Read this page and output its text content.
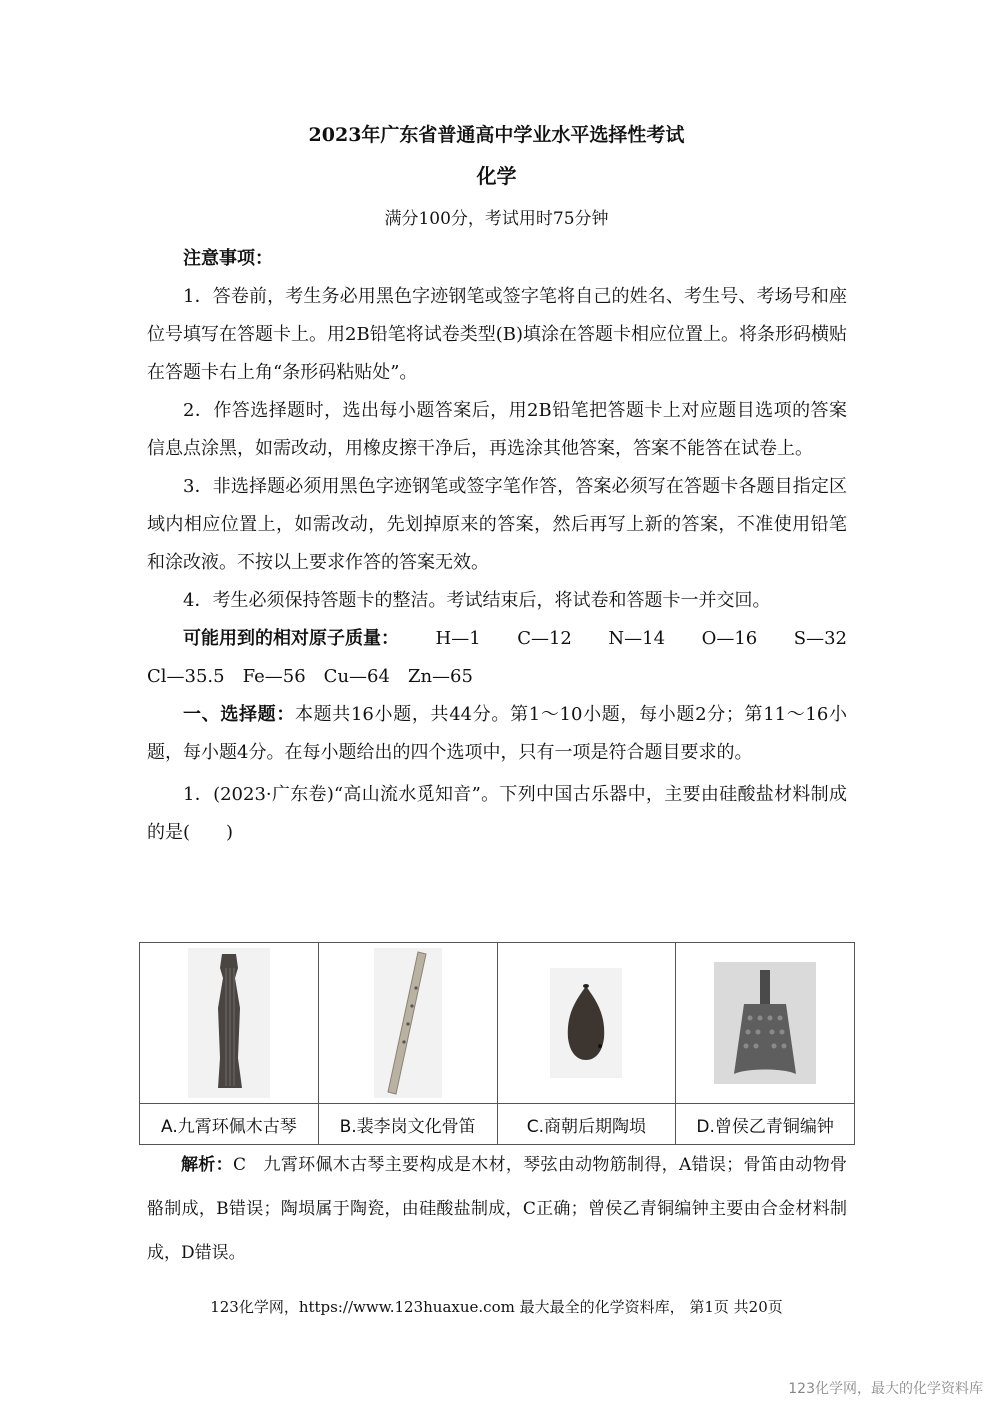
2023年广东省普通高中学业水平选择性考试
化学
满分100分，考试用时75分钟

注意事项：

1．答卷前，考生务必用黑色字迹钢笔或签字笔将自己的姓名、考生号、考场号和座位号填写在答题卡上。用2B铅笔将试卷类型(B)填涂在答题卡相应位置上。将条形码横贴在答题卡右上角“条形码粘贴处”。

2．作答选择题时，选出每小题答案后，用2B铅笔把答题卡上对应题目选项的答案信息点涂黑，如需改动，用橡皮擦干净后，再选涂其他答案，答案不能答在试卷上。

3．非选择题必须用黑色字迹钢笔或签字笔作答，答案必须写在答题卡各题目指定区域内相应位置上，如需改动，先划掉原来的答案，然后再写上新的答案，不准使用铅笔和涂改液。不按以上要求作答的答案无效。

4．考生必须保持答题卡的整洁。考试结束后，将试卷和答题卡一并交回。

可能用到的相对原子质量： H—1 C—12 N—14 O—16 S—32

Cl—35.5　Fe—56　Cu—64　Zn—65

一、选择题：本题共16小题，共44分。第1～10小题，每小题2分；第11～16小题，每小题4分。在每小题给出的四个选项中，只有一项是符合题目要求的。

1．(2023·广东卷)“高山流水觅知音”。下列中国古乐器中，主要由硅酸盐材料制成的是(　　)

A.九霄环佩木古琴	B.裴李岗文化骨笛	C.商朝后期陶埙	D.曾侯乙青铜编钟

解析：C　九霄环佩木古琴主要构成是木材，琴弦由动物筋制得，A错误；骨笛由动物骨骼制成，B错误；陶埙属于陶瓷，由硅酸盐制成，C正确；曾侯乙青铜编钟主要由合金材料制成，D错误。

123化学网，https://www.123huaxue.com 最大最全的化学资料库， 第1页 共20页
123化学网，最大的化学资料库
